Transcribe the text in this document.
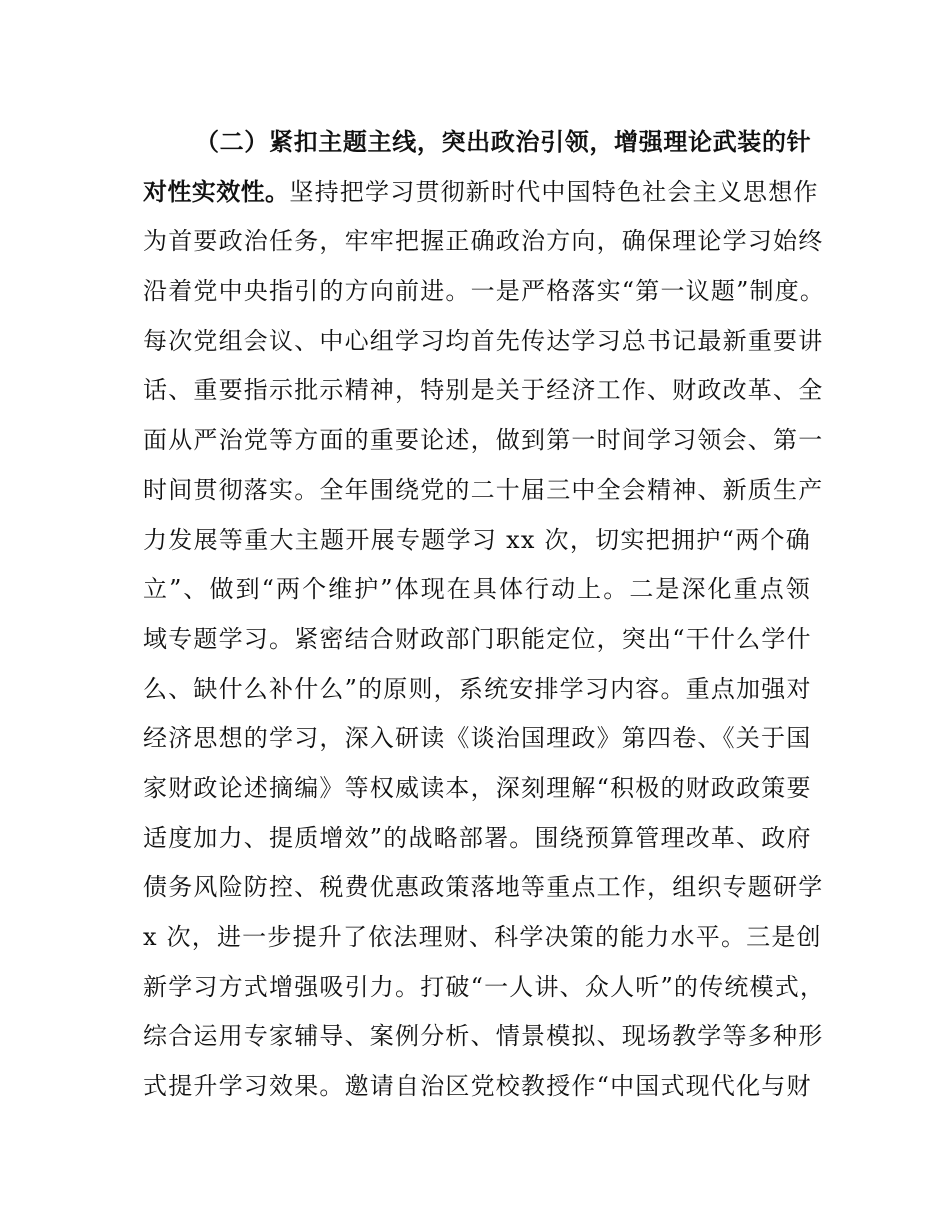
（二）紧扣主题主线，突出政治引领，增强理论武装的针
对性实效性。坚持把学习贯彻新时代中国特色社会主义思想作
为首要政治任务，牢牢把握正确政治方向，确保理论学习始终
沿着党中央指引的方向前进。一是严格落实“第一议题”制度。
每次党组会议、中心组学习均首先传达学习总书记最新重要讲
话、重要指示批示精神，特别是关于经济工作、财政改革、全
面从严治党等方面的重要论述，做到第一时间学习领会、第一
时间贯彻落实。全年围绕党的二十届三中全会精神、新质生产
力发展等重大主题开展专题学习 xx 次，切实把拥护“两个确
立”、做到“两个维护”体现在具体行动上。二是深化重点领
域专题学习。紧密结合财政部门职能定位，突出“干什么学什
么、缺什么补什么”的原则，系统安排学习内容。重点加强对
经济思想的学习，深入研读《谈治国理政》第四卷、《关于国
家财政论述摘编》等权威读本，深刻理解“积极的财政政策要
适度加力、提质增效”的战略部署。围绕预算管理改革、政府
债务风险防控、税费优惠政策落地等重点工作，组织专题研学
x 次，进一步提升了依法理财、科学决策的能力水平。三是创
新学习方式增强吸引力。打破“一人讲、众人听”的传统模式，
综合运用专家辅导、案例分析、情景模拟、现场教学等多种形
式提升学习效果。邀请自治区党校教授作“中国式现代化与财
